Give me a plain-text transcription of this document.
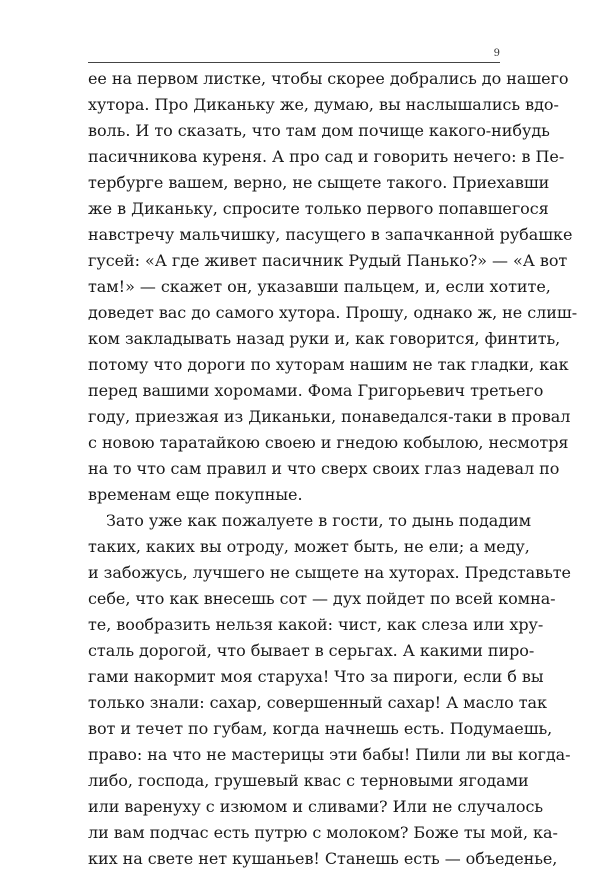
9
ее на первом листке, чтобы скорее добрались до нашего
хутора. Про Диканьку же, думаю, вы наслышались вдо-
воль. И то сказать, что там дом почище какого-нибудь
пасичникова куреня. А про сад и говорить нечего: в Пе-
тербурге вашем, верно, не сыщете такого. Приехавши
же в Диканьку, спросите только первого попавшегося
навстречу мальчишку, пасущего в запачканной рубашке
гусей: «А где живет пасичник Рудый Панько?» — «А вот
там!» — скажет он, указавши пальцем, и, если хотите,
доведет вас до самого хутора. Прошу, однако ж, не слиш-
ком закладывать назад руки и, как говорится, финтить,
потому что дороги по хуторам нашим не так гладки, как
перед вашими хоромами. Фома Григорьевич третьего
году, приезжая из Диканьки, понаведался-таки в провал
с новою таратайкою своею и гнедою кобылою, несмотря
на то что сам правил и что сверх своих глаз надевал по
временам еще покупные.
Зато уже как пожалуете в гости, то дынь подадим
таких, каких вы отроду, может быть, не ели; а меду,
и забожусь, лучшего не сыщете на хуторах. Представьте
себе, что как внесешь сот — дух пойдет по всей комна-
те, вообразить нельзя какой: чист, как слеза или хру-
сталь дорогой, что бывает в серьгах. А какими пиро-
гами накормит моя старуха! Что за пироги, если б вы
только знали: сахар, совершенный сахар! А масло так
вот и течет по губам, когда начнешь есть. Подумаешь,
право: на что не мастерицы эти бабы! Пили ли вы когда-
либо, господа, грушевый квас с терновыми ягодами
или варенуху с изюмом и сливами? Или не случалось
ли вам подчас есть путрю с молоком? Боже ты мой, ка-
ких на свете нет кушаньев! Станешь есть — объеденье,
